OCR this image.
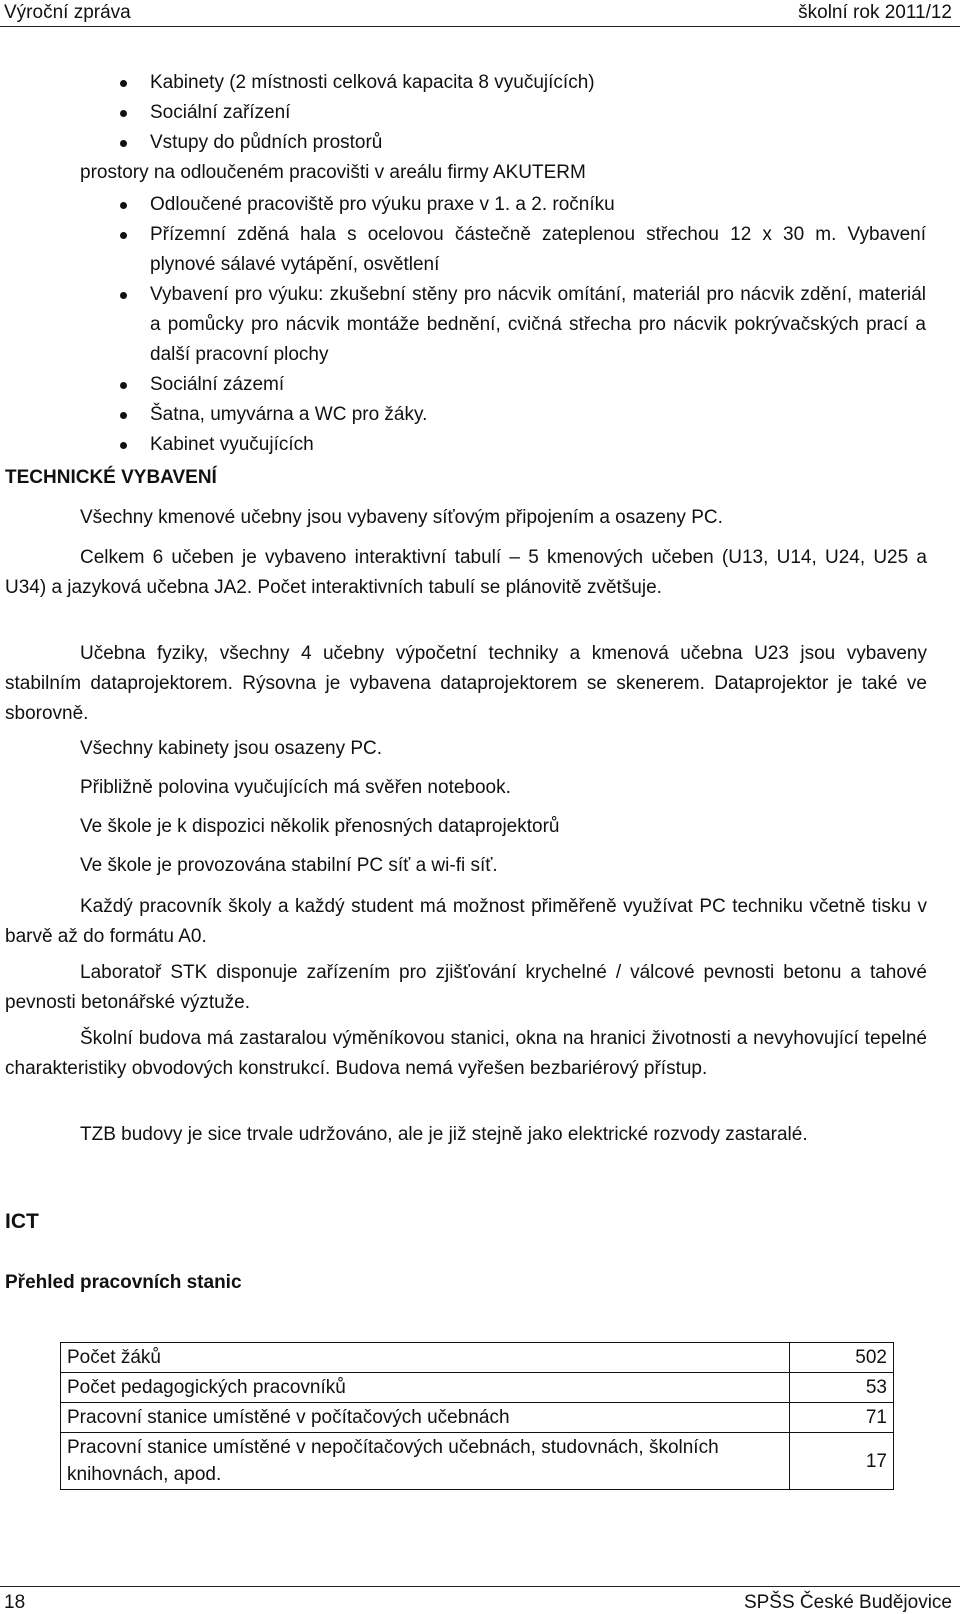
Výroční zpráva	školní rok 2011/12
Kabinety (2 místnosti celková kapacita 8 vyučujících)
Sociální zařízení
Vstupy do půdních prostorů
prostory na odloučeném pracovišti v areálu firmy AKUTERM
Odloučené pracoviště pro výuku praxe v 1. a 2. ročníku
Přízemní zděná hala s ocelovou částečně zateplenou střechou 12 x 30 m. Vybavení plynové sálavé vytápění, osvětlení
Vybavení pro výuku: zkušební stěny pro nácvik omítání, materiál pro nácvik zdění, materiál a pomůcky pro nácvik montáže bednění, cvičná střecha pro nácvik pokrývačských prací a další pracovní plochy
Sociální zázemí
Šatna, umyvárna a WC pro žáky.
Kabinet vyučujících
TECHNICKÉ VYBAVENÍ
Všechny kmenové učebny jsou vybaveny síťovým připojením a osazeny PC.
Celkem 6 učeben je vybaveno interaktivní tabulí – 5 kmenových učeben (U13, U14, U24, U25 a U34) a jazyková učebna JA2. Počet interaktivních tabulí se plánovitě zvětšuje.
Učebna fyziky, všechny 4 učebny výpočetní techniky a kmenová učebna U23 jsou vybaveny stabilním dataprojektorem. Rýsovna je vybavena dataprojektorem se skenerem. Dataprojektor je také ve sborovně.
Všechny kabinety jsou osazeny PC.
Přibližně polovina vyučujících má svěřen notebook.
Ve škole je k dispozici několik přenosných dataprojektorů
Ve škole je provozována stabilní PC síť a wi-fi síť.
Každý pracovník školy a každý student má možnost přiměřeně využívat PC techniku včetně tisku v barvě až do formátu A0.
Laboratoř STK disponuje zařízením pro zjišťování krychelné / válcové pevnosti betonu a tahové pevnosti betonářské výztuže.
Školní budova má zastaralou výměníkovou stanici, okna na hranici životnosti a nevyhovující tepelné charakteristiky obvodových konstrukcí. Budova nemá vyřešen bezbariérový přístup.
TZB budovy je sice trvale udržováno, ale je již stejně jako elektrické rozvody zastaralé.
ICT
Přehled pracovních stanic
Počet žáků	502
Počet pedagogických pracovníků	53
Pracovní stanice umístěné v počítačových učebnách	71
Pracovní stanice umístěné v nepočítačových učebnách, studovnách, školních knihovnách, apod.	17
18	SPŠS České Budějovice
